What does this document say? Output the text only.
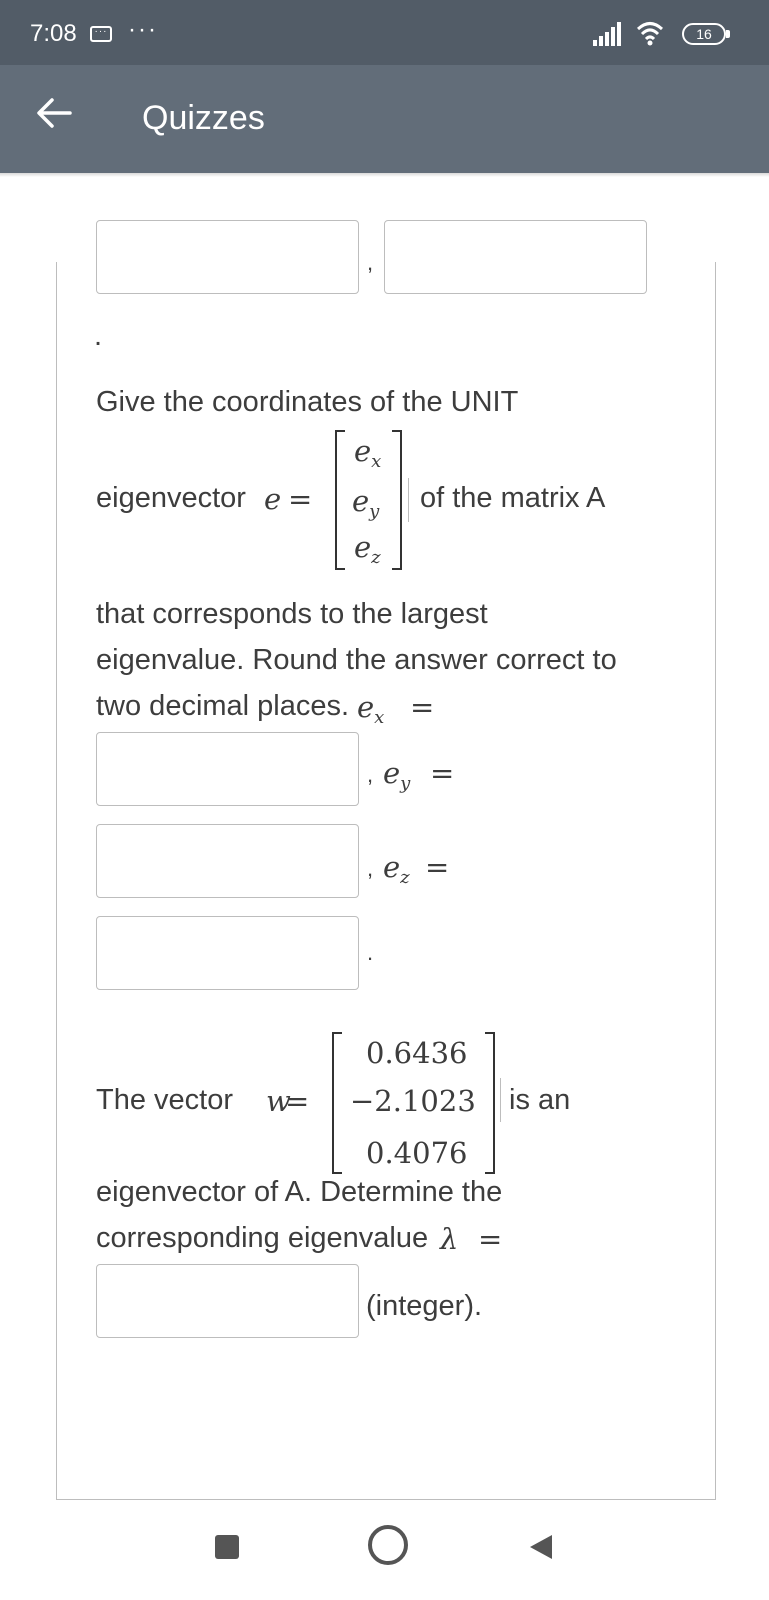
7:08	··· ···	16
Quizzes
,
.
Give the coordinates of the UNIT
eigenvector e =
$e_x$
$e_y$
$e_z$
of the matrix A
that corresponds to the largest
eigenvalue. Round the answer correct to
two decimal places. $e_x$ =
, $e_y$ =
, $e_z$ =
.
The vector w
=
0.6436
−2.1023
0.4076
is an
eigenvector of A. Determine the
corresponding eigenvalue λ =
(integer).
